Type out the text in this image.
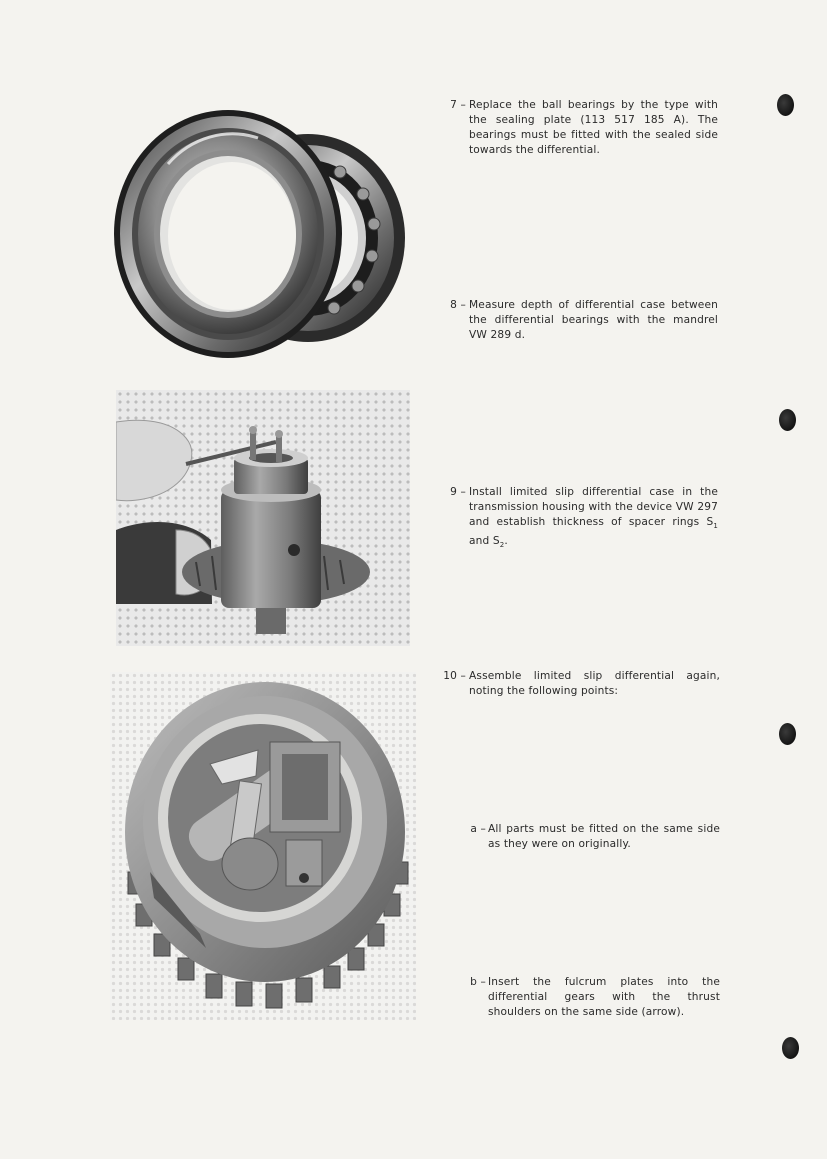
7 – Replace the ball bearings by the type with the sealing plate (113 517 185 A). The bearings must be fitted with the sealed side towards the differential.
8 – Measure depth of differential case between the differential bearings with the mandrel VW 289 d.
9 – Install limited slip differential case in the transmission housing with the device VW 297 and establish thickness of spacer rings $S_1$ and $S_2$.
10 – Assemble limited slip differential again, noting the following points:
a – All parts must be fitted on the same side as they were on originally.
b – Insert the fulcrum plates into the differential gears with the thrust shoulders on the same side (arrow).
